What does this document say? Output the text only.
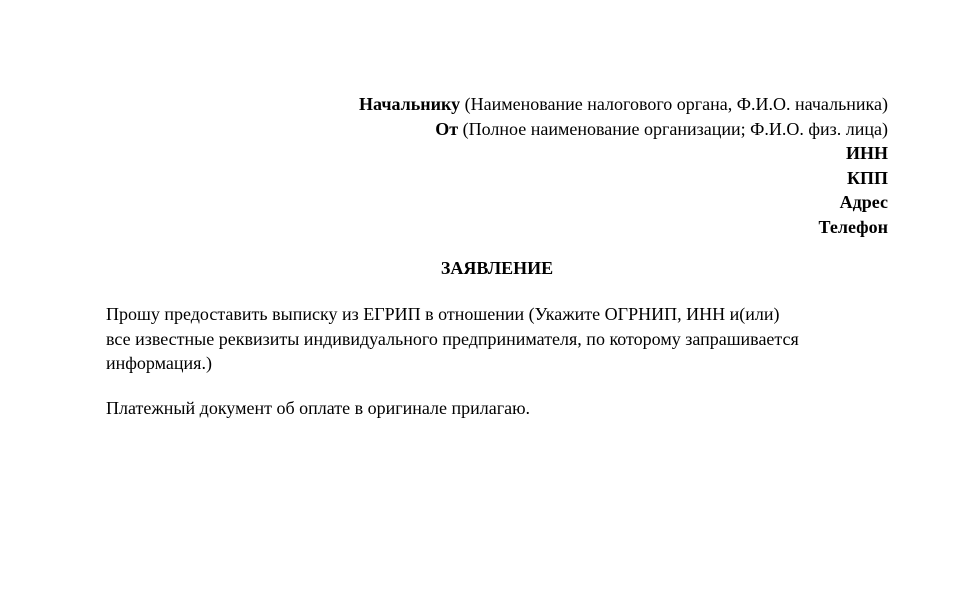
Начальнику (Наименование налогового органа, Ф.И.О. начальника)
От (Полное наименование организации; Ф.И.О. физ. лица)
ИНН
КПП
Адрес
Телефон
ЗАЯВЛЕНИЕ
Прошу предоставить выписку из ЕГРИП в отношении (Укажите ОГРНИП, ИНН и(или)
все известные реквизиты индивидуального предпринимателя, по которому запрашивается
информация.)
Платежный документ об оплате в оригинале прилагаю.
